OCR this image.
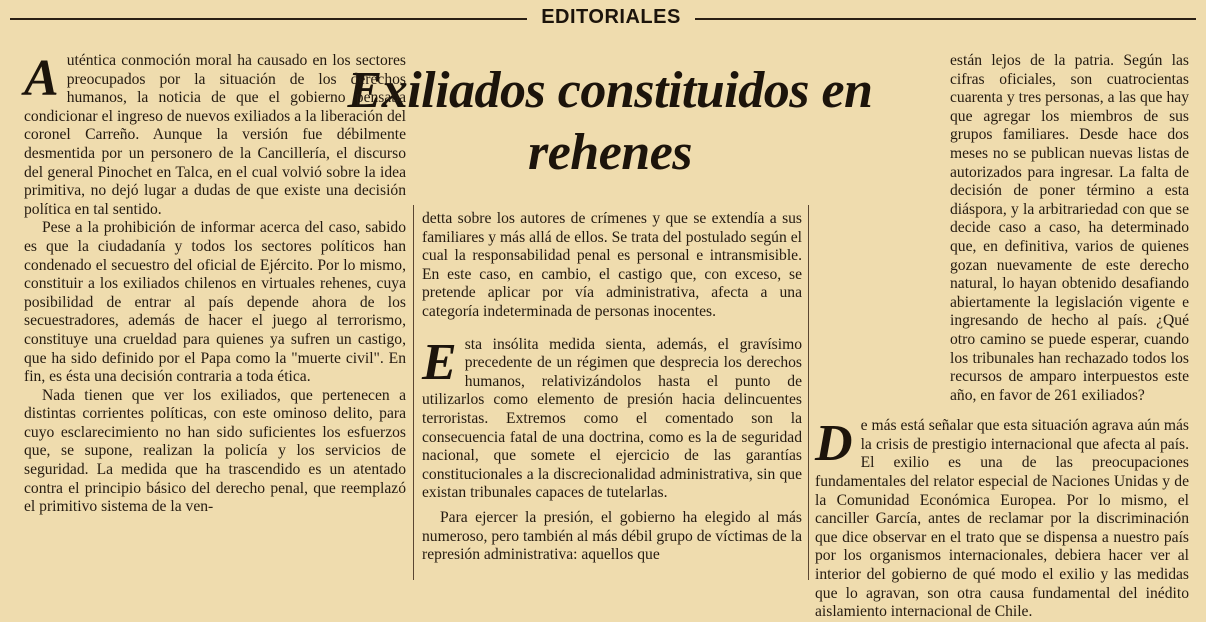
EDITORIALES
Exiliados constituidos en rehenes

Auténtica conmoción moral ha causado en los sectores preocupados por la situación de los derechos humanos, la noticia de que el gobierno pensaba condicionar el ingreso de nuevos exiliados a la liberación del coronel Carreño. Aunque la versión fue débilmente desmentida por un personero de la Cancillería, el discurso del general Pinochet en Talca, en el cual volvió sobre la idea primitiva, no dejó lugar a dudas de que existe una decisión política en tal sentido.

Pese a la prohibición de informar acerca del caso, sabido es que la ciudadanía y todos los sectores políticos han condenado el secuestro del oficial de Ejército. Por lo mismo, constituir a los exiliados chilenos en virtuales rehenes, cuya posibilidad de entrar al país depende ahora de los secuestradores, además de hacer el juego al terrorismo, constituye una crueldad para quienes ya sufren un castigo, que ha sido definido por el Papa como la "muerte civil". En fin, es ésta una decisión contraria a toda ética.

Nada tienen que ver los exiliados, que pertenecen a distintas corrientes políticas, con este ominoso delito, para cuyo esclarecimiento no han sido suficientes los esfuerzos que, se supone, realizan la policía y los servicios de seguridad. La medida que ha trascendido es un atentado contra el principio básico del derecho penal, que reemplazó el primitivo sistema de la ven-

detta sobre los autores de crímenes y que se extendía a sus familiares y más allá de ellos. Se trata del postulado según el cual la responsabilidad penal es personal e intransmisible. En este caso, en cambio, el castigo que, con exceso, se pretende aplicar por vía administrativa, afecta a una categoría indeterminada de personas inocentes.

Esta insólita medida sienta, además, el gravísimo precedente de un régimen que desprecia los derechos humanos, relativizándolos hasta el punto de utilizarlos como elemento de presión hacia delincuentes terroristas. Extremos como el comentado son la consecuencia fatal de una doctrina, como es la de seguridad nacional, que somete el ejercicio de las garantías constitucionales a la discrecionalidad administrativa, sin que existan tribunales capaces de tutelarlas.

Para ejercer la presión, el gobierno ha elegido al más numeroso, pero también al más débil grupo de víctimas de la represión administrativa: aquellos que

están lejos de la patria. Según las cifras oficiales, son cuatrocientas cuarenta y tres personas, a las que hay que agregar los miembros de sus grupos familiares. Desde hace dos meses no se publican nuevas listas de autorizados para ingresar. La falta de decisión de poner término a esta diáspora, y la arbitrariedad con que se decide caso a caso, ha determinado que, en definitiva, varios de quienes gozan nuevamente de este derecho natural, lo hayan obtenido desafiando abiertamente la legislación vigente e ingresando de hecho al país. ¿Qué otro camino se puede esperar, cuando los tribunales han rechazado todos los recursos de amparo interpuestos este año, en favor de 261 exiliados?

De más está señalar que esta situación agrava aún más la crisis de prestigio internacional que afecta al país. El exilio es una de las preocupaciones fundamentales del relator especial de Naciones Unidas y de la Comunidad Económica Europea. Por lo mismo, el canciller García, antes de reclamar por la discriminación que dice observar en el trato que se dispensa a nuestro país por los organismos internacionales, debiera hacer ver al interior del gobierno de qué modo el exilio y las medidas que lo agravan, son otra causa fundamental del inédito aislamiento internacional de Chile.
